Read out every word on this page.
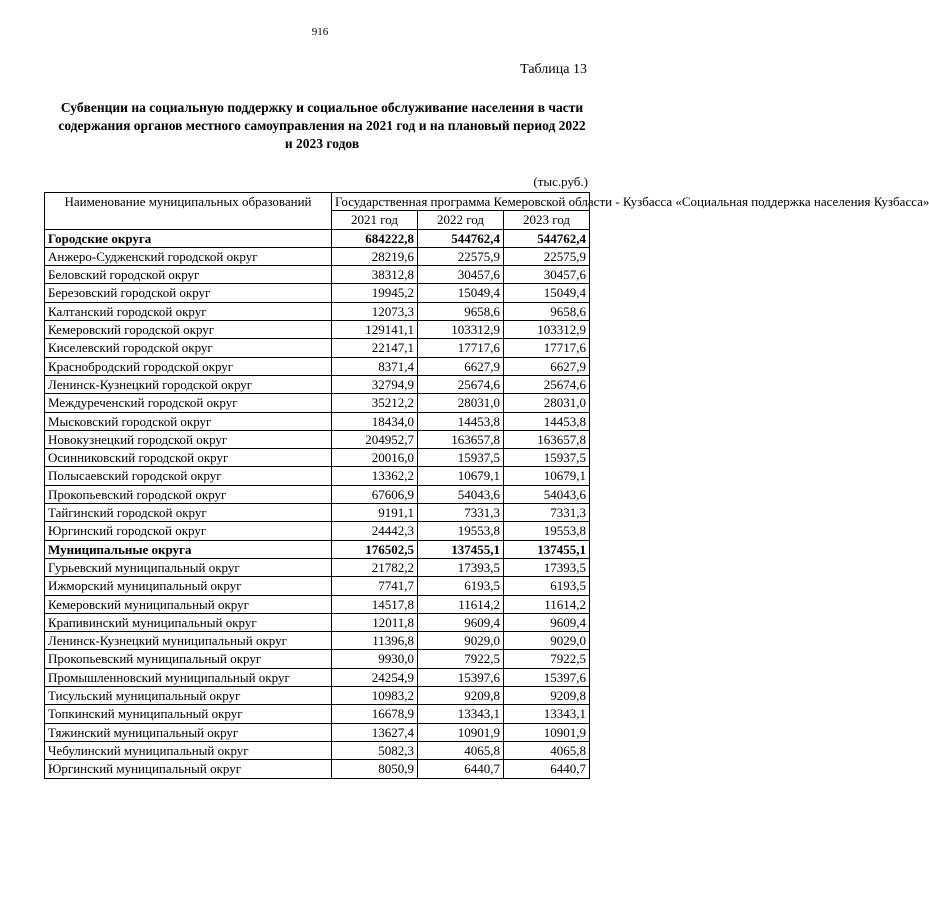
916
Таблица 13
Субвенции на социальную поддержку и социальное обслуживание населения в части содержания органов местного самоуправления на 2021 год и на плановый период 2022 и 2023 годов
(тыс.руб.)
Наименование муниципальных образований	Государственная программа Кемеровской области - Кузбасса «Социальная поддержка населения Кузбасса»		
	2021 год	2022 год	2023 год
Городские округа	684222,8	544762,4	544762,4
Анжеро-Судженский городской округ	28219,6	22575,9	22575,9
Беловский городской округ	38312,8	30457,6	30457,6
Березовский городской округ	19945,2	15049,4	15049,4
Калтанский городской округ	12073,3	9658,6	9658,6
Кемеровский городской округ	129141,1	103312,9	103312,9
Киселевский городской округ	22147,1	17717,6	17717,6
Краснобродский городской округ	8371,4	6627,9	6627,9
Ленинск-Кузнецкий городской округ	32794,9	25674,6	25674,6
Междуреченский городской округ	35212,2	28031,0	28031,0
Мысковский городской округ	18434,0	14453,8	14453,8
Новокузнецкий городской округ	204952,7	163657,8	163657,8
Осинниковский городской округ	20016,0	15937,5	15937,5
Полысаевский городской округ	13362,2	10679,1	10679,1
Прокопьевский городской округ	67606,9	54043,6	54043,6
Тайгинский городской округ	9191,1	7331,3	7331,3
Юргинский городской округ	24442,3	19553,8	19553,8
Муниципальные округа	176502,5	137455,1	137455,1
Гурьевский муниципальный округ	21782,2	17393,5	17393,5
Ижморский муниципальный округ	7741,7	6193,5	6193,5
Кемеровский муниципальный округ	14517,8	11614,2	11614,2
Крапивинский муниципальный округ	12011,8	9609,4	9609,4
Ленинск-Кузнецкий муниципальный округ	11396,8	9029,0	9029,0
Прокопьевский муниципальный округ	9930,0	7922,5	7922,5
Промышленновский муниципальный округ	24254,9	15397,6	15397,6
Тисульский муниципальный округ	10983,2	9209,8	9209,8
Топкинский муниципальный округ	16678,9	13343,1	13343,1
Тяжинский муниципальный округ	13627,4	10901,9	10901,9
Чебулинский муниципальный округ	5082,3	4065,8	4065,8
Юргинский муниципальный округ	8050,9	6440,7	6440,7
